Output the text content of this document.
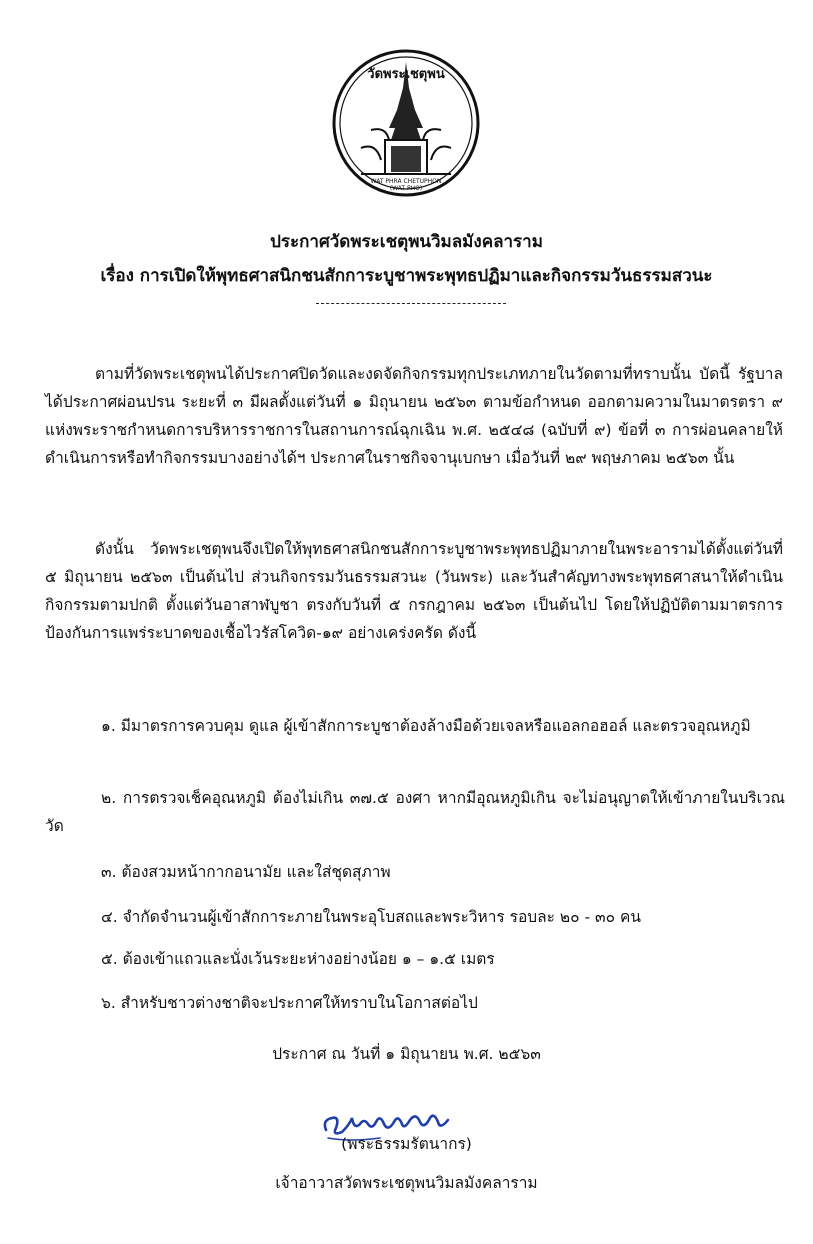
วัดพระเชตุพน
WAT PHRA CHETUPHON
(WAT PHO)
ประกาศวัดพระเชตุพนวิมลมังคลาราม
เรื่อง การเปิดให้พุทธศาสนิกชนสักการะบูชาพระพุทธปฏิมาและกิจกรรมวันธรรมสวนะ
ตามที่วัดพระเชตุพนได้ประกาศปิดวัดและงดจัดกิจกรรมทุกประเภทภายในวัดตามที่ทราบนั้น บัดนี้ รัฐบาลได้ประกาศผ่อนปรน ระยะที่ ๓ มีผลตั้งแต่วันที่ ๑ มิถุนายน ๒๕๖๓ ตามข้อกำหนด ออกตามความในมาตรตรา ๙ แห่งพระราชกำหนดการบริหารราชการในสถานการณ์ฉุกเฉิน พ.ศ. ๒๕๔๘ (ฉบับที่ ๙) ข้อที่ ๓ การผ่อนคลายให้ดำเนินการหรือทำกิจกรรมบางอย่างได้ฯ ประกาศในราชกิจจานุเบกษา เมื่อวันที่ ๒๙ พฤษภาคม ๒๕๖๓ นั้น
ดังนั้น วัดพระเชตุพนจึงเปิดให้พุทธศาสนิกชนสักการะบูชาพระพุทธปฏิมาภายในพระอารามได้ตั้งแต่วันที่ ๕ มิถุนายน ๒๕๖๓ เป็นต้นไป ส่วนกิจกรรมวันธรรมสวนะ (วันพระ) และวันสำคัญทางพระพุทธศาสนาให้ดำเนินกิจกรรมตามปกติ ตั้งแต่วันอาสาฬบูชา ตรงกับวันที่ ๕ กรกฎาคม ๒๕๖๓ เป็นต้นไป โดยให้ปฏิบัติตามมาตรการป้องกันการแพร่ระบาดของเชื้อไวรัสโควิด-๑๙ อย่างเคร่งครัด ดังนี้
๑. มีมาตรการควบคุม ดูแล ผู้เข้าสักการะบูชาต้องล้างมือด้วยเจลหรือแอลกอฮอล์ และตรวจอุณหภูมิ
๒. การตรวจเช็คอุณหภูมิ ต้องไม่เกิน ๓๗.๕ องศา หากมีอุณหภูมิเกิน จะไม่อนุญาตให้เข้าภายในบริเวณวัด
๓. ต้องสวมหน้ากากอนามัย และใส่ชุดสุภาพ
๔. จำกัดจำนวนผู้เข้าสักการะภายในพระอุโบสถและพระวิหาร รอบละ ๒๐ - ๓๐ คน
๕. ต้องเข้าแถวและนั่งเว้นระยะห่างอย่างน้อย ๑ – ๑.๕ เมตร
๖. สำหรับชาวต่างชาติจะประกาศให้ทราบในโอกาสต่อไป
ประกาศ ณ วันที่ ๑ มิถุนายน พ.ศ. ๒๕๖๓
(พระธรรมรัตนากร)
เจ้าอาวาสวัดพระเชตุพนวิมลมังคลาราม
